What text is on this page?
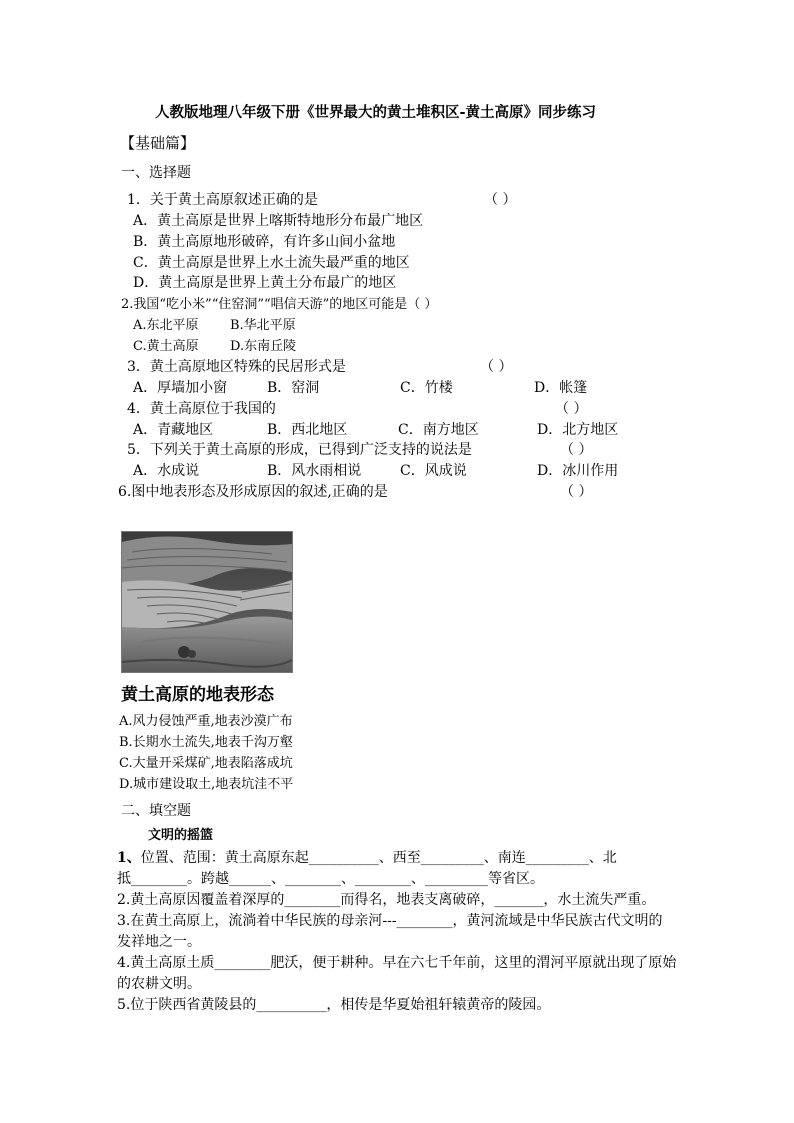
人教版地理八年级下册《世界最大的黄土堆积区-黄土高原》同步练习
【基础篇】
一、选择题
1．关于黄土高原叙述正确的是	（ ）
A．黄土高原是世界上喀斯特地形分布最广地区
B．黄土高原地形破碎，有许多山间小盆地
C．黄土高原是世界上水土流失最严重的地区
D．黄土高原是世界上黄土分布最广的地区
2.我国“吃小米”“住窑洞”“唱信天游”的地区可能是（ ）
A.东北平原 B.华北平原
C.黄土高原 D.东南丘陵
3．黄土高原地区特殊的民居形式是	（ ）
A．厚墙加小窗	B．窑洞	C．竹楼	D．帐篷
4．黄土高原位于我国的	（ ）
A．青藏地区	B．西北地区	C．南方地区	D．北方地区
5．下列关于黄土高原的形成，已得到广泛支持的说法是	（ ）
A．水成说	B．风水雨相说	C．风成说	D．冰川作用
6.图中地表形态及形成原因的叙述,正确的是	（ ）
黄土高原的地表形态
A.风力侵蚀严重,地表沙漠广布
B.长期水土流失,地表千沟万壑
C.大量开采煤矿,地表陷落成坑
D.城市建设取土,地表坑洼不平
二、填空题
文明的摇篮
1、位置、范围：黄土高原东起__________、西至_________、南连_________、北
抵________。跨越______、________、________、_________等省区。
2.黄土高原因覆盖着深厚的________而得名，地表支离破碎，_______，水土流失严重。
3.在黄土高原上，流淌着中华民族的母亲河---________，黄河流域是中华民族古代文明的
发祥地之一。
4.黄土高原土质________肥沃，便于耕种。早在六七千年前，这里的渭河平原就出现了原始
的农耕文明。
5.位于陕西省黄陵县的__________，相传是华夏始祖轩辕黄帝的陵园。
